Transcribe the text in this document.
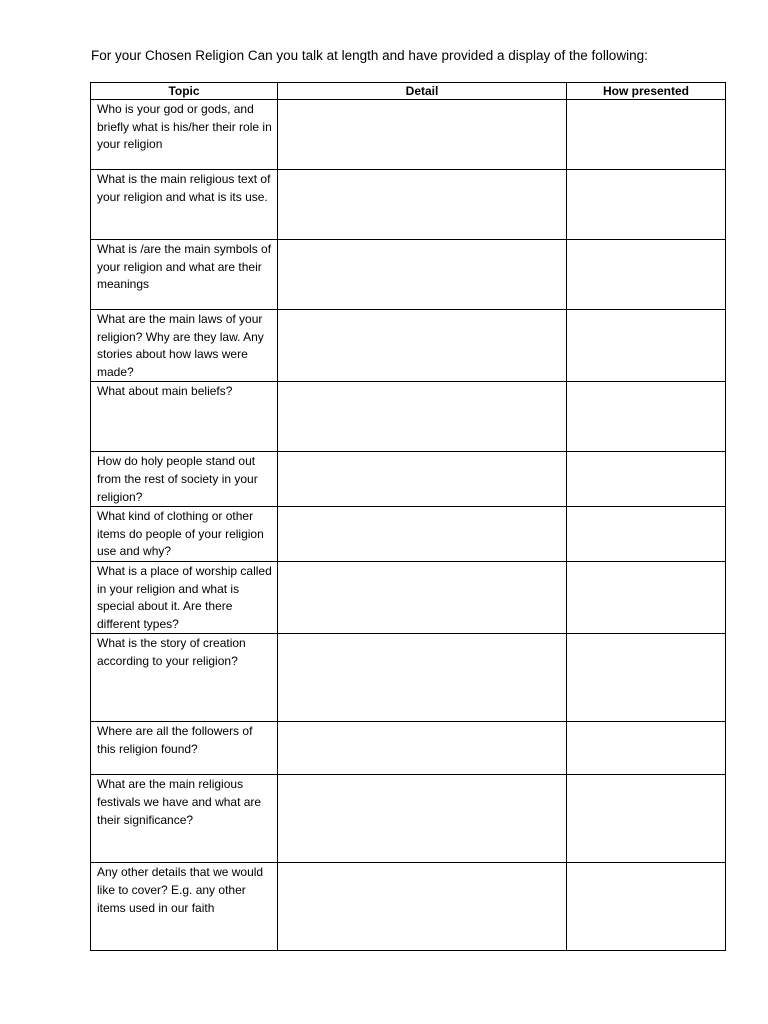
For your Chosen Religion Can you talk at length and have provided a display of the following:
Topic	Detail	How presented

Who is your god or gods, and briefly what is his/her their role in your religion		

What is the main religious text of your religion and what is its use.		

What is /are the main symbols of your religion and what are their meanings		

What are the main laws of your religion? Why are they law. Any stories about how laws were made?		

What about main beliefs?		

How do holy people stand out from the rest of society in your religion?		

What kind of clothing or other items do people of your religion use and why?		

What is a place of worship called in your religion and what is special about it. Are there different types?		

What is the story of creation according to your religion?		

Where are all the followers of this religion found?		

What are the main religious festivals we have and what are their significance?		

Any other details that we would like to cover? E.g. any other items used in our faith		
